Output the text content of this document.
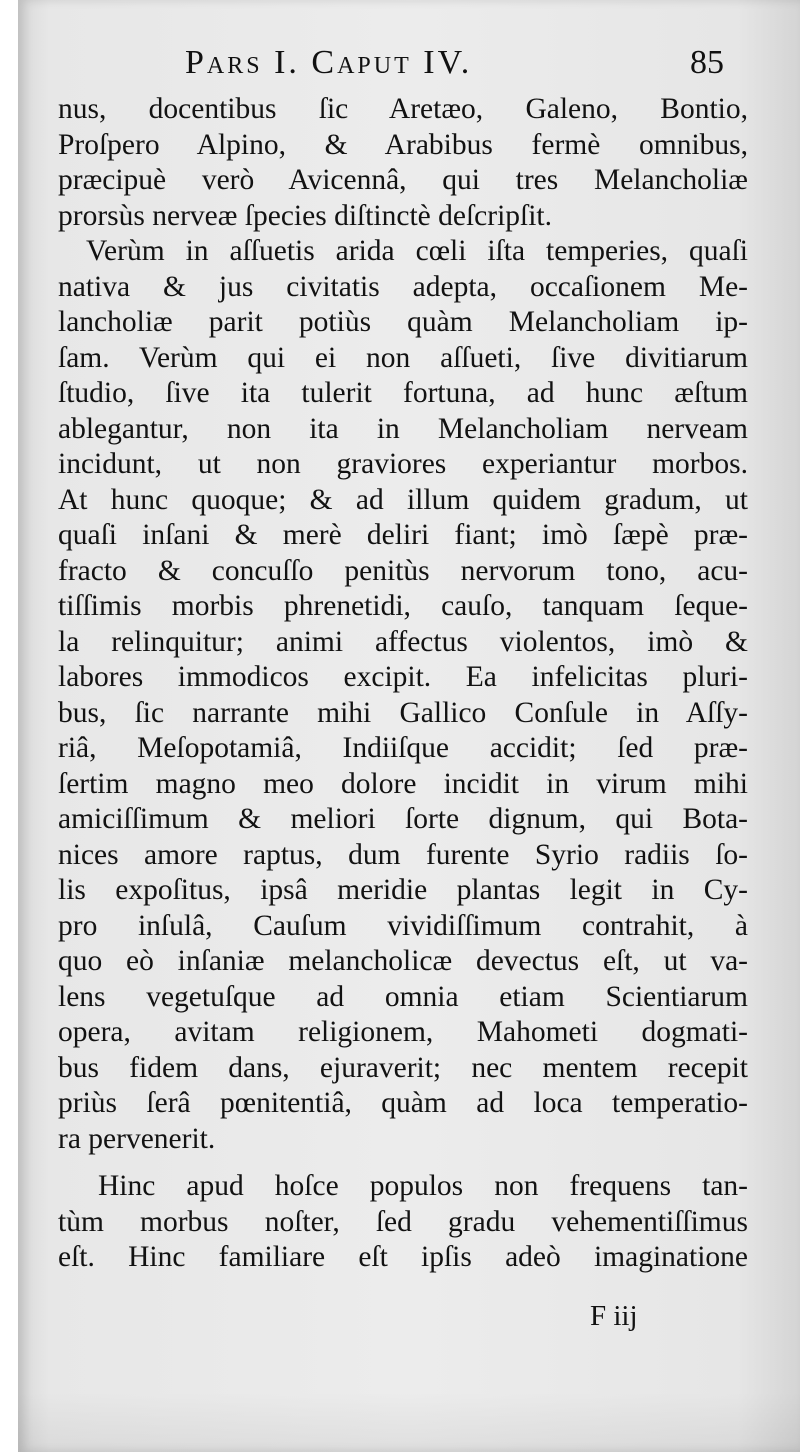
Pars I. Caput IV.	85
nus, docentibus ſic Aretæo, Galeno, Bontio,
Proſpero Alpino, & Arabibus fermè omnibus,
præcipuè verò Avicennâ, qui tres Melancholiæ
prorsùs nerveæ ſpecies diſtinctè deſcripſit.
Verùm in aſſuetis arida cœli iſta temperies, quaſi
nativa & jus civitatis adepta, occaſionem Me-
lancholiæ parit potiùs quàm Melancholiam ip-
ſam. Verùm qui ei non aſſueti, ſive divitiarum
ſtudio, ſive ita tulerit fortuna, ad hunc æſtum
ablegantur, non ita in Melancholiam nerveam
incidunt, ut non graviores experiantur morbos.
At hunc quoque; & ad illum quidem gradum, ut
quaſi inſani & merè deliri fiant; imò ſæpè præ-
fracto & concuſſo penitùs nervorum tono, acu-
tiſſimis morbis phrenetidi, cauſo, tanquam ſeque-
la relinquitur; animi affectus violentos, imò &
labores immodicos excipit. Ea infelicitas pluri-
bus, ſic narrante mihi Gallico Conſule in Aſſy-
riâ, Meſopotamiâ, Indiiſque accidit; ſed præ-
ſertim magno meo dolore incidit in virum mihi
amiciſſimum & meliori ſorte dignum, qui Bota-
nices amore raptus, dum furente Syrio radiis ſo-
lis expoſitus, ipsâ meridie plantas legit in Cy-
pro inſulâ, Cauſum vividiſſimum contrahit, à
quo eò inſaniæ melancholicæ devectus eſt, ut va-
lens vegetuſque ad omnia etiam Scientiarum
opera, avitam religionem, Mahometi dogmati-
bus fidem dans, ejuraverit; nec mentem recepit
priùs ſerâ pœnitentiâ, quàm ad loca temperatio-
ra pervenerit.
Hinc apud hoſce populos non frequens tan-
tùm morbus noſter, ſed gradu vehementiſſimus
eſt. Hinc familiare eſt ipſis adeò imaginatione
F iij
